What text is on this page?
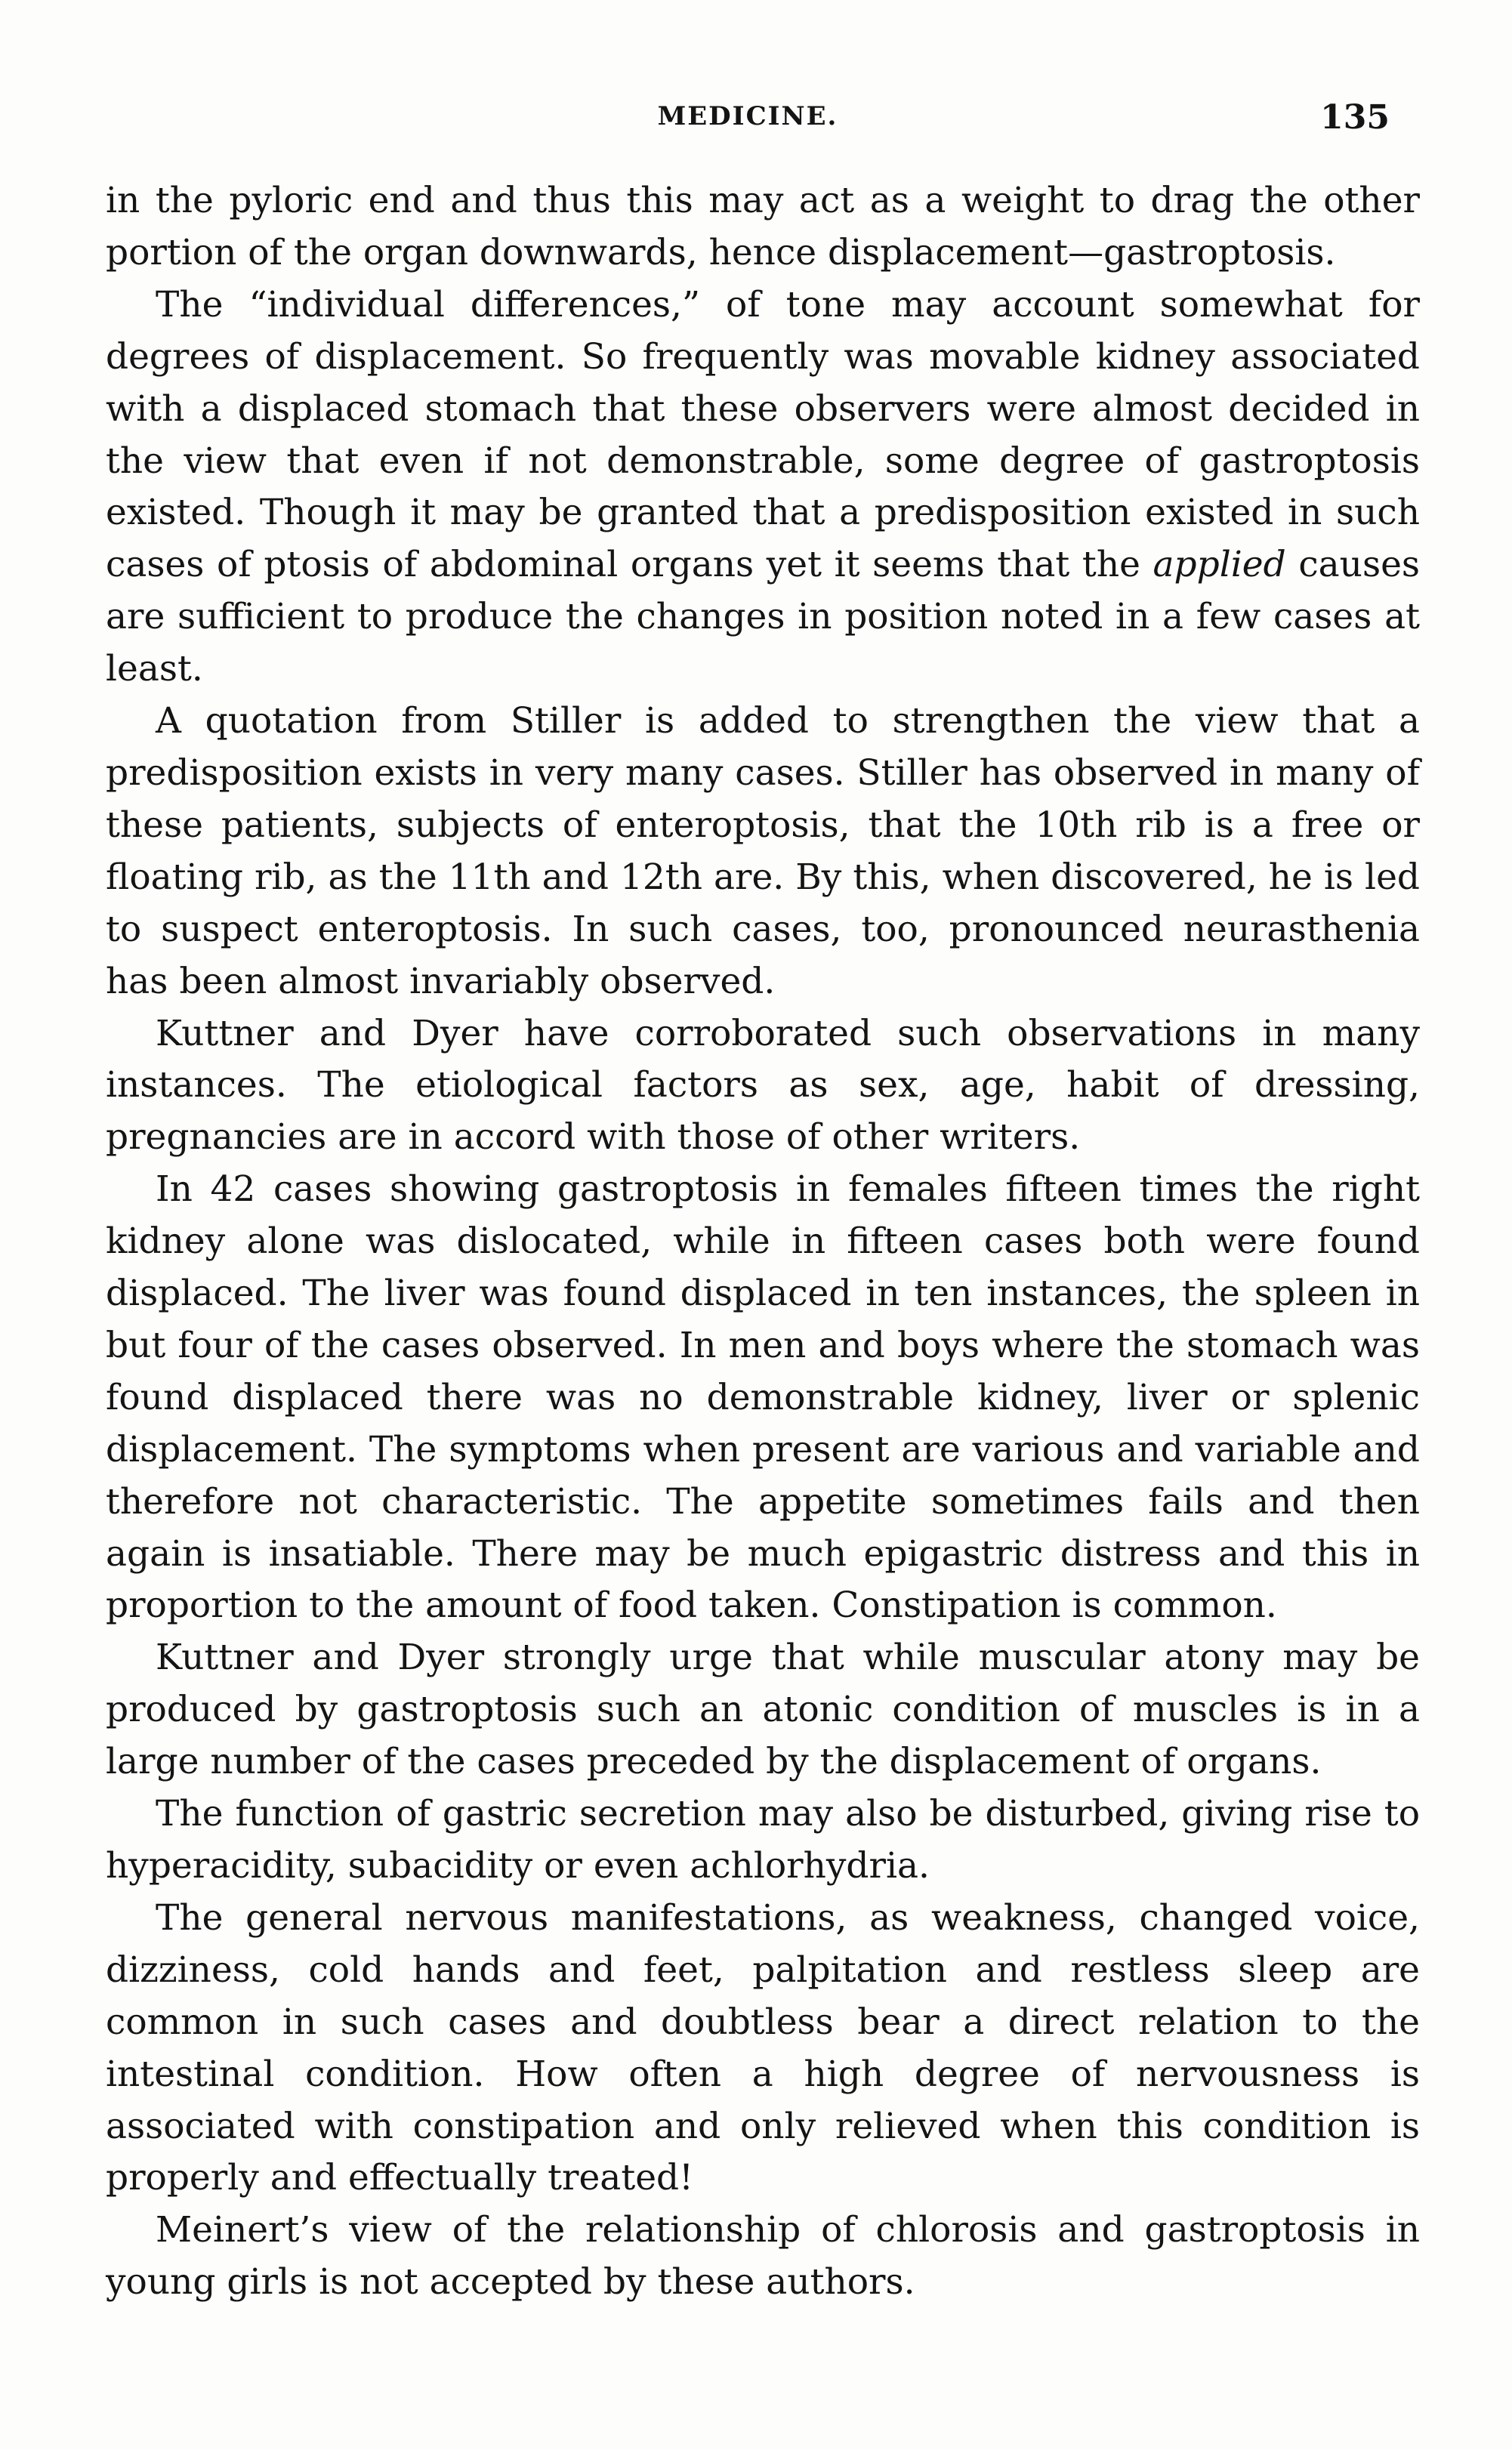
MEDICINE.	135

in the pyloric end and thus this may act as a weight to drag the other portion of the organ downwards, hence displacement—gastroptosis.

The “individual differences,” of tone may account somewhat for degrees of displacement. So frequently was movable kidney associated with a displaced stomach that these observers were almost decided in the view that even if not demonstrable, some degree of gastroptosis existed. Though it may be granted that a predisposition existed in such cases of ptosis of abdominal organs yet it seems that the applied causes are sufficient to produce the changes in position noted in a few cases at least.

A quotation from Stiller is added to strengthen the view that a predisposition exists in very many cases. Stiller has observed in many of these patients, subjects of enteroptosis, that the 10th rib is a free or floating rib, as the 11th and 12th are. By this, when discovered, he is led to suspect enteroptosis. In such cases, too, pronounced neurasthenia has been almost invariably observed.

Kuttner and Dyer have corroborated such observations in many instances. The etiological factors as sex, age, habit of dressing, pregnancies are in accord with those of other writers.

In 42 cases showing gastroptosis in females fifteen times the right kidney alone was dislocated, while in fifteen cases both were found displaced. The liver was found displaced in ten instances, the spleen in but four of the cases observed. In men and boys where the stomach was found displaced there was no demonstrable kidney, liver or splenic displacement. The symptoms when present are various and variable and therefore not characteristic. The appetite sometimes fails and then again is insatiable. There may be much epigastric distress and this in proportion to the amount of food taken. Constipation is common.

Kuttner and Dyer strongly urge that while muscular atony may be produced by gastroptosis such an atonic condition of muscles is in a large number of the cases preceded by the displacement of organs.

The function of gastric secretion may also be disturbed, giving rise to hyperacidity, subacidity or even achlorhydria.

The general nervous manifestations, as weakness, changed voice, dizziness, cold hands and feet, palpitation and restless sleep are common in such cases and doubtless bear a direct relation to the intestinal condition. How often a high degree of nervousness is associated with constipation and only relieved when this condition is properly and effectually treated!

Meinert’s view of the relationship of chlorosis and gastroptosis in young girls is not accepted by these authors.
